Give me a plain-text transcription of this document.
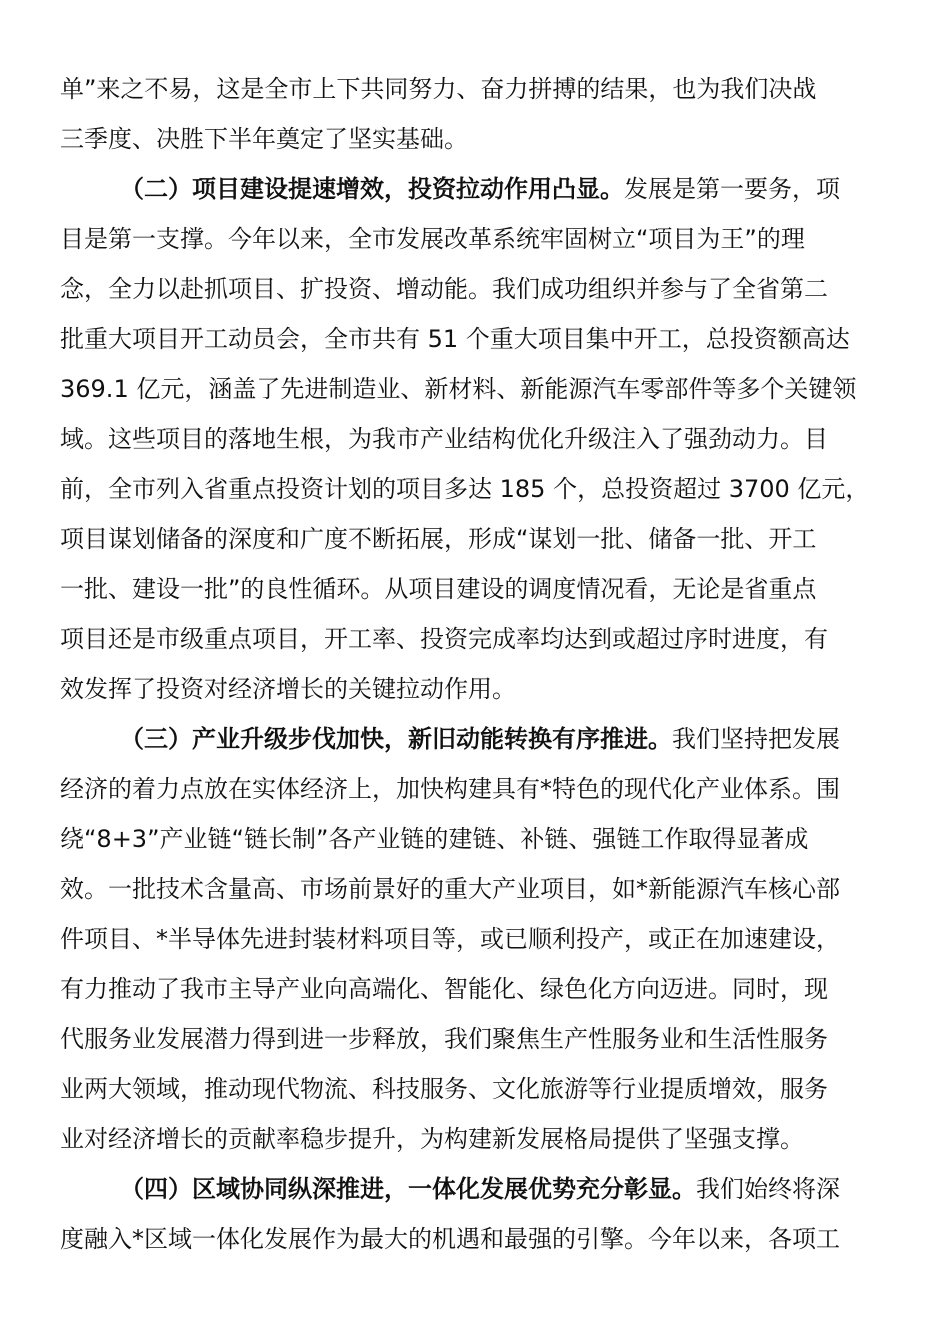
单”来之不易，这是全市上下共同努力、奋力拼搏的结果，也为我们决战
三季度、决胜下半年奠定了坚实基础。
（二）项目建设提速增效，投资拉动作用凸显。发展是第一要务，项
目是第一支撑。今年以来，全市发展改革系统牢固树立“项目为王”的理
念，全力以赴抓项目、扩投资、增动能。我们成功组织并参与了全省第二
批重大项目开工动员会，全市共有 51 个重大项目集中开工，总投资额高达
369.1 亿元，涵盖了先进制造业、新材料、新能源汽车零部件等多个关键领
域。这些项目的落地生根，为我市产业结构优化升级注入了强劲动力。目
前，全市列入省重点投资计划的项目多达 185 个，总投资超过 3700 亿元，
项目谋划储备的深度和广度不断拓展，形成“谋划一批、储备一批、开工
一批、建设一批”的良性循环。从项目建设的调度情况看，无论是省重点
项目还是市级重点项目，开工率、投资完成率均达到或超过序时进度，有
效发挥了投资对经济增长的关键拉动作用。
（三）产业升级步伐加快，新旧动能转换有序推进。我们坚持把发展
经济的着力点放在实体经济上，加快构建具有*特色的现代化产业体系。围
绕“8+3”产业链“链长制”各产业链的建链、补链、强链工作取得显著成
效。一批技术含量高、市场前景好的重大产业项目，如*新能源汽车核心部
件项目、*半导体先进封装材料项目等，或已顺利投产，或正在加速建设，
有力推动了我市主导产业向高端化、智能化、绿色化方向迈进。同时，现
代服务业发展潜力得到进一步释放，我们聚焦生产性服务业和生活性服务
业两大领域，推动现代物流、科技服务、文化旅游等行业提质增效，服务
业对经济增长的贡献率稳步提升，为构建新发展格局提供了坚强支撑。
（四）区域协同纵深推进，一体化发展优势充分彰显。我们始终将深
度融入*区域一体化发展作为最大的机遇和最强的引擎。今年以来，各项工
